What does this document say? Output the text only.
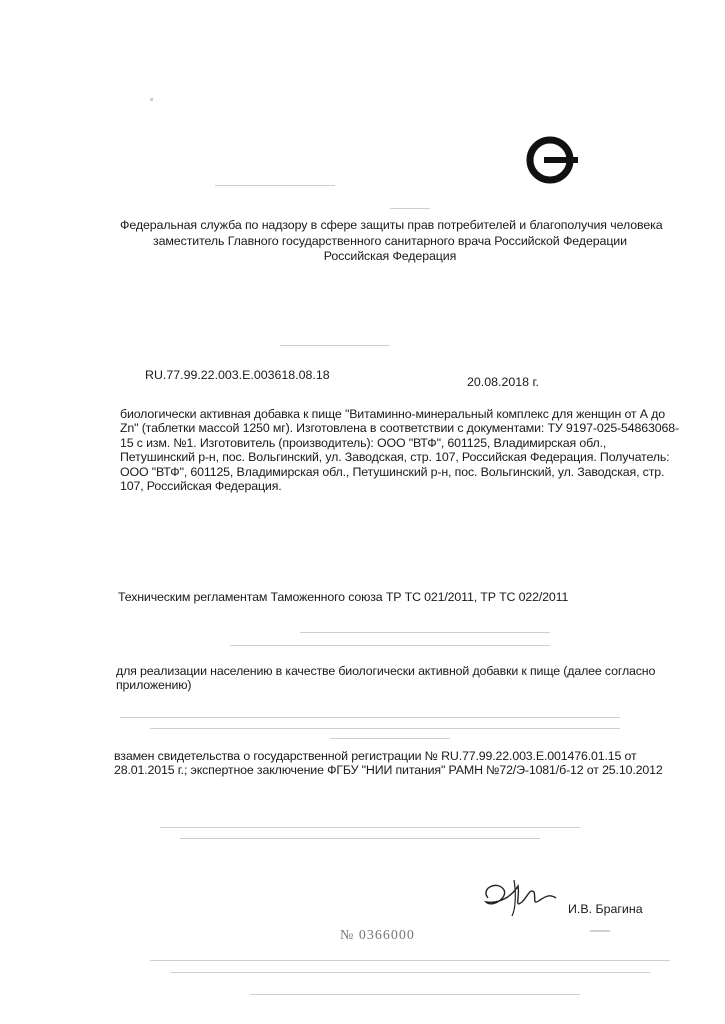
Федеральная служба по надзору в сфере защиты прав потребителей и благополучия человека
заместитель Главного государственного санитарного врача Российской Федерации
Российская Федерация
RU.77.99.22.003.E.003618.08.18	20.08.2018 г.
биологически активная добавка к пище "Витаминно-минеральный комплекс для женщин от А до
Zn" (таблетки массой 1250 мг). Изготовлена в соответствии с документами: ТУ 9197-025-54863068-
15 с изм. №1. Изготовитель (производитель): ООО "ВТФ", 601125, Владимирская обл.,
Петушинский р-н, пос. Вольгинский, ул. Заводская, стр. 107, Российская Федерация. Получатель:
ООО "ВТФ", 601125, Владимирская обл., Петушинский р-н, пос. Вольгинский, ул. Заводская, стр.
107, Российская Федерация.
Техническим регламентам Таможенного союза ТР ТС 021/2011, ТР ТС 022/2011
для реализации населению в качестве биологически активной добавки к пище (далее согласно
приложению)
взамен свидетельства о государственной регистрации № RU.77.99.22.003.E.001476.01.15 от
28.01.2015 г.; экспертное заключение ФГБУ "НИИ питания" РАМН №72/Э-1081/б-12 от 25.10.2012
И.В. Брагина
№ 0366000
